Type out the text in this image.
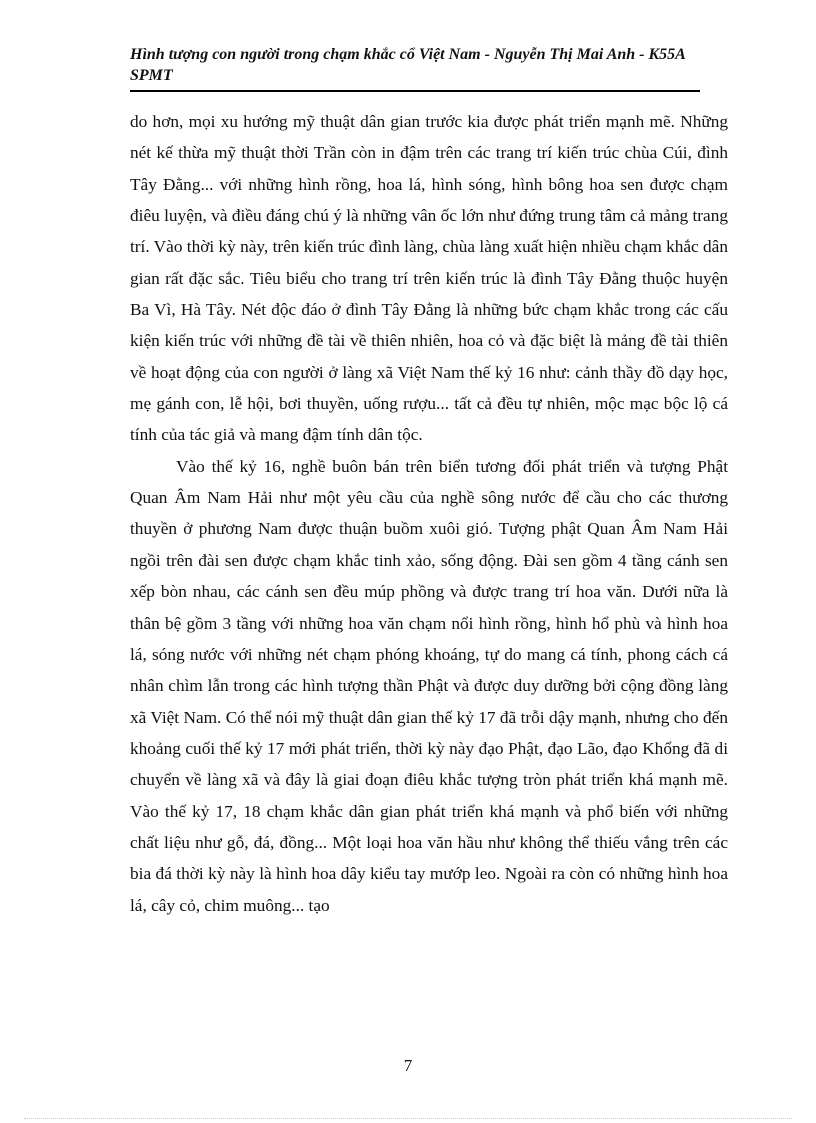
Hình tượng con người trong chạm khắc cổ Việt Nam - Nguyễn Thị Mai Anh - K55A SPMT

do hơn, mọi xu hướng mỹ thuật dân gian trước kia được phát triển mạnh mẽ. Những nét kế thừa mỹ thuật thời Trần còn in đậm trên các trang trí kiến trúc chùa Cúi, đình Tây Đằng... với những hình rồng, hoa lá, hình sóng, hình bông hoa sen được chạm điêu luyện, và điều đáng chú ý là những vân ốc lớn như đứng trung tâm cả mảng trang trí. Vào thời kỳ này, trên kiến trúc đình làng, chùa làng xuất hiện nhiều chạm khắc dân gian rất đặc sắc. Tiêu biểu cho trang trí trên kiến trúc là đình Tây Đằng thuộc huyện Ba Vì, Hà Tây. Nét độc đáo ở đình Tây Đằng là những bức chạm khắc trong các cấu kiện kiến trúc với những đề tài về thiên nhiên, hoa cỏ và đặc biệt là mảng đề tài thiên về hoạt động của con người ở làng xã Việt Nam thế kỷ 16 như: cảnh thầy đồ dạy học, mẹ gánh con, lễ hội, bơi thuyền, uống rượu... tất cả đều tự nhiên, mộc mạc bộc lộ cá tính của tác giả và mang đậm tính dân tộc.

Vào thế kỷ 16, nghề buôn bán trên biển tương đối phát triển và tượng Phật Quan Âm Nam Hải như một yêu cầu của nghề sông nước để cầu cho các thương thuyền ở phương Nam được thuận buồm xuôi gió. Tượng phật Quan Âm Nam Hải ngồi trên đài sen được chạm khắc tinh xảo, sống động. Đài sen gồm 4 tầng cánh sen xếp bòn nhau, các cánh sen đều múp phồng và được trang trí hoa văn. Dưới nữa là thân bệ gồm 3 tầng với những hoa văn chạm nổi hình rồng, hình hổ phù và hình hoa lá, sóng nước với những nét chạm phóng khoáng, tự do mang cá tính, phong cách cá nhân chìm lẫn trong các hình tượng thần Phật và được duy dưỡng bởi cộng đồng làng xã Việt Nam. Có thể nói mỹ thuật dân gian thế kỷ 17 đã trỗi dậy mạnh, nhưng cho đến khoảng cuối thế kỷ 17 mới phát triển, thời kỳ này đạo Phật, đạo Lão, đạo Khổng đã di chuyển về làng xã và đây là giai đoạn điêu khắc tượng tròn phát triển khá mạnh mẽ. Vào thế kỷ 17, 18 chạm khắc dân gian phát triển khá mạnh và phổ biến với những chất liệu như gỗ, đá, đồng... Một loại hoa văn hầu như không thể thiếu vắng trên các bia đá thời kỳ này là hình hoa dây kiểu tay mướp leo. Ngoài ra còn có những hình hoa lá, cây cỏ, chim muông... tạo

7
